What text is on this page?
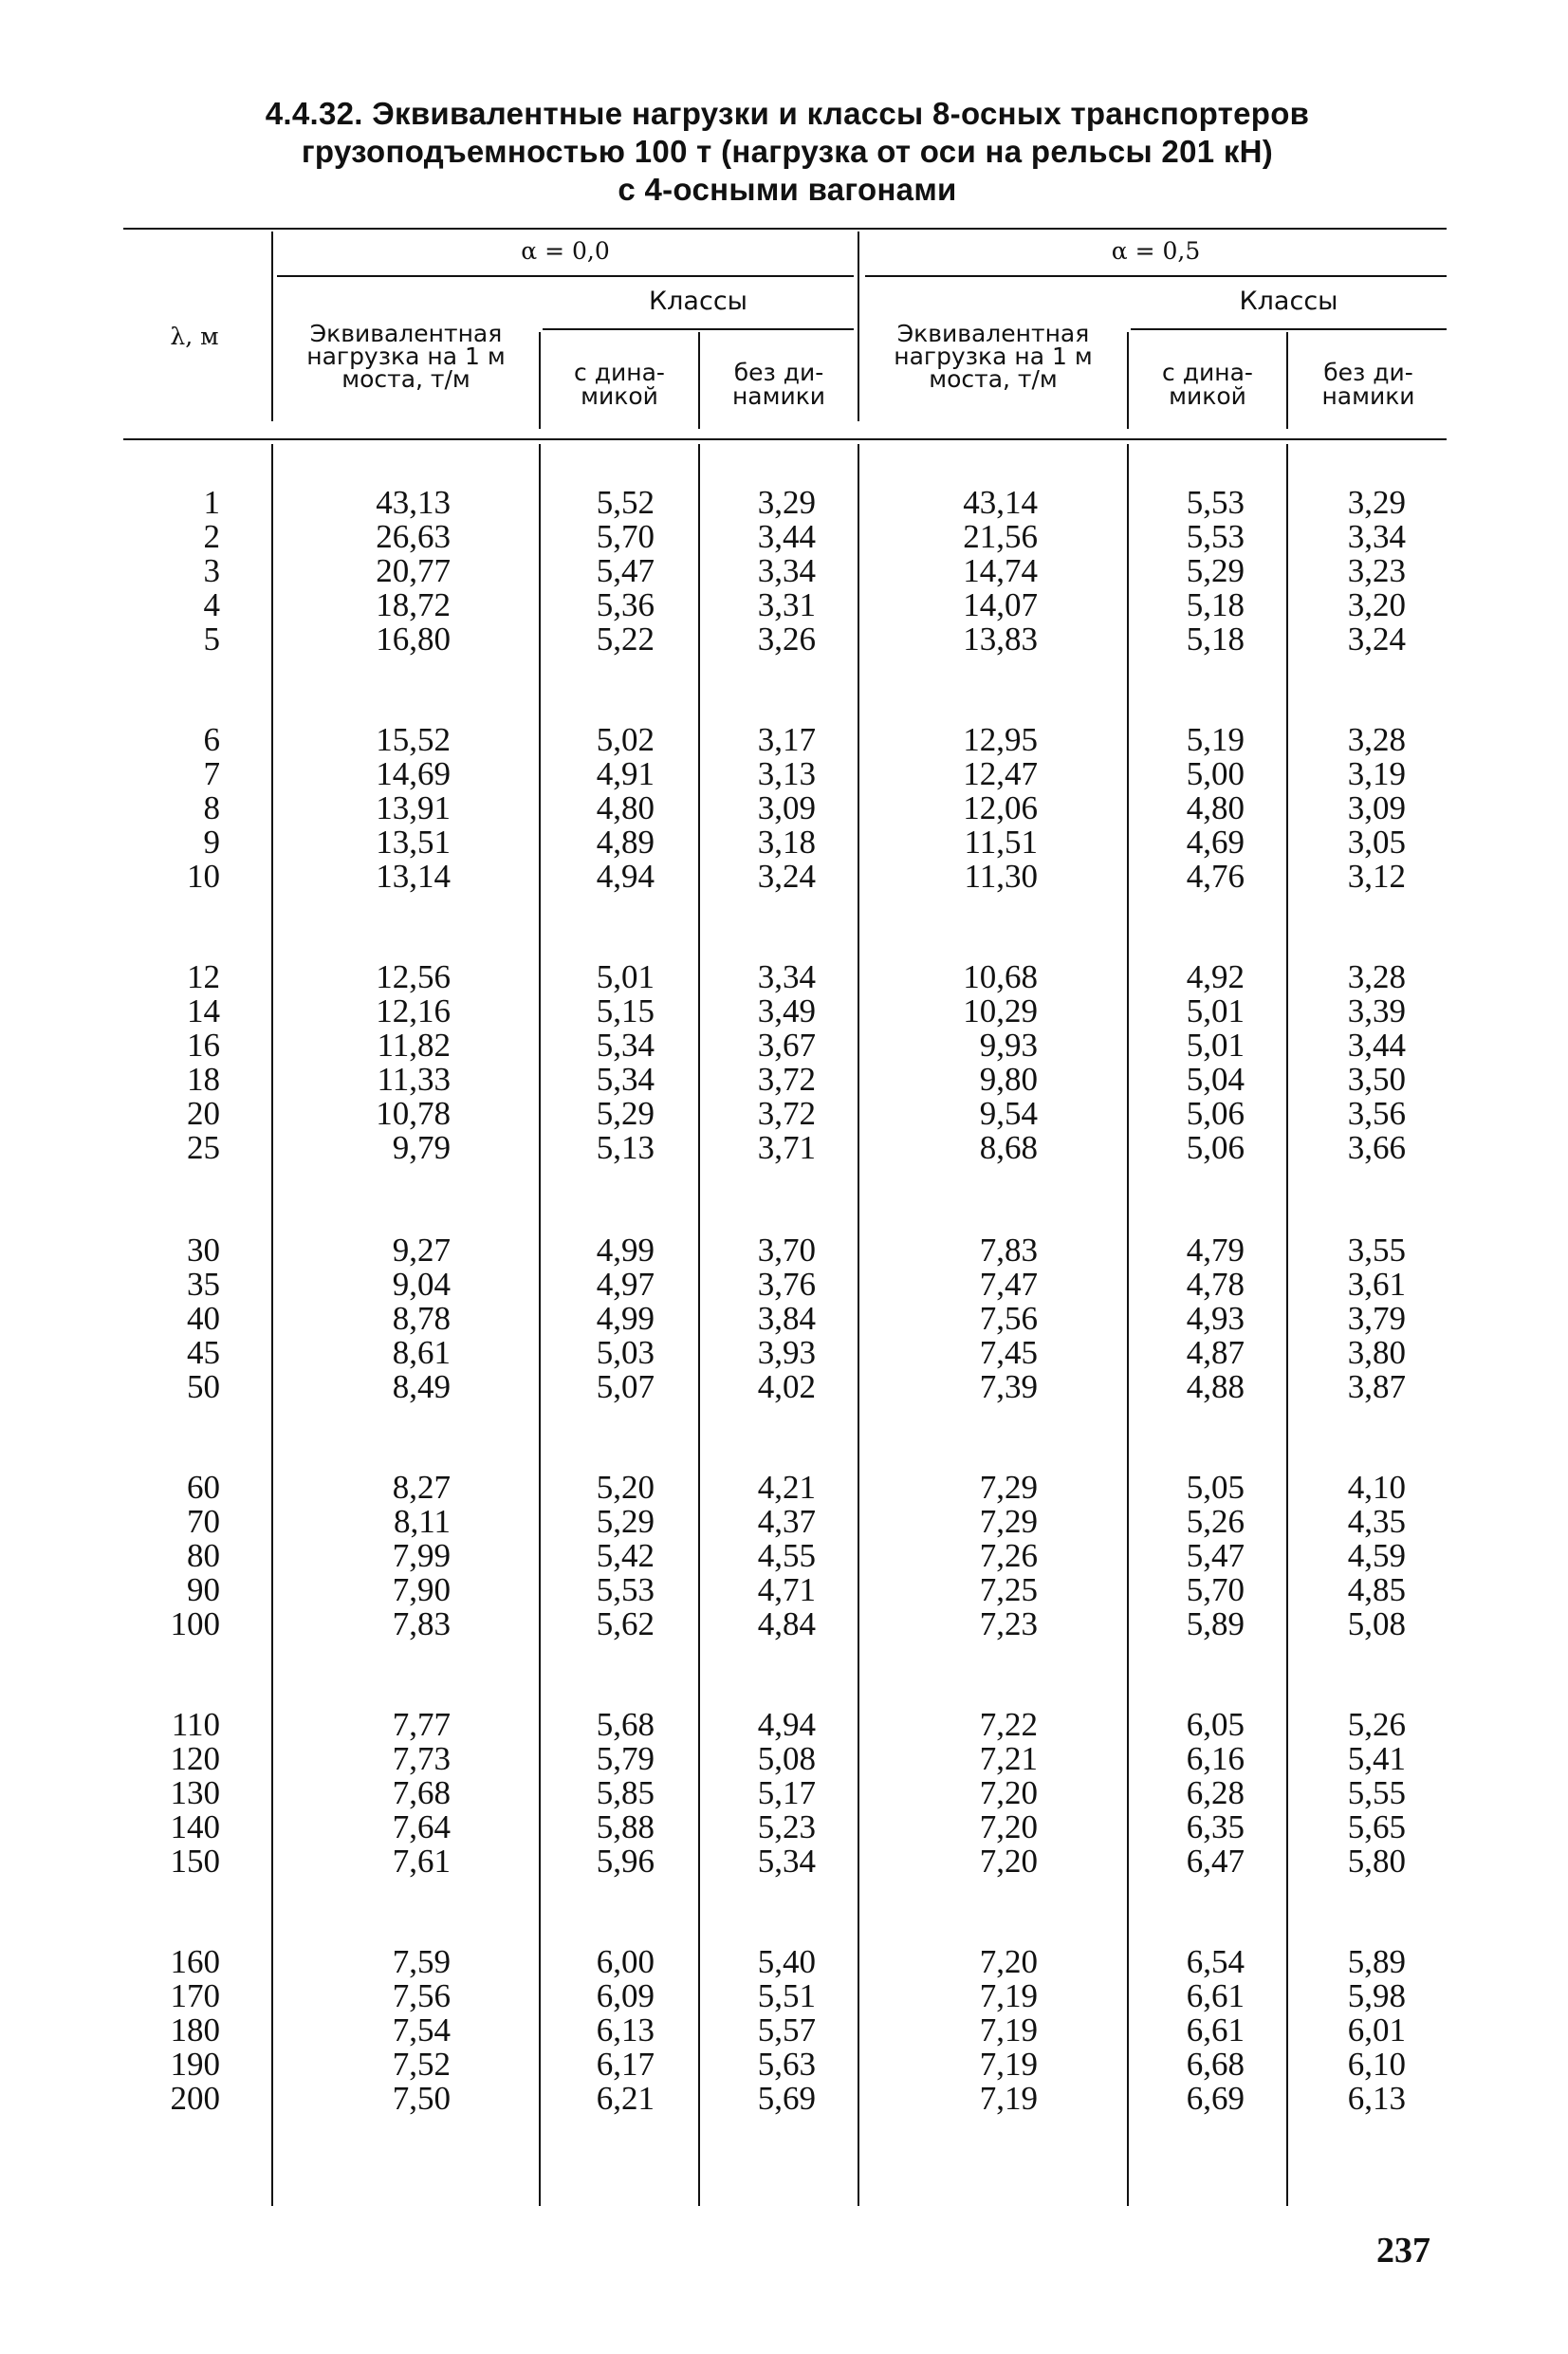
4.4.32. Эквивалентные нагрузки и классы 8-осных транспортеров
грузоподъемностью 100 т (нагрузка от оси на рельсы 201 кН)
с 4-осными вагонами
λ, м
α = 0,0	α = 0,5
Эквивалентная
нагрузка на 1 м
моста, т/м
Эквивалентная
нагрузка на 1 м
моста, т/м
Классы	Классы
с дина-
микой
без ди-
намики
с дина-
микой
без ди-
намики
1
2
3
4
5
43,13
26,63
20,77
18,72
16,80
5,52
5,70
5,47
5,36
5,22
3,29
3,44
3,34
3,31
3,26
43,14
21,56
14,74
14,07
13,83
5,53
5,53
5,29
5,18
5,18
3,29
3,34
3,23
3,20
3,24
6
7
8
9
10
15,52
14,69
13,91
13,51
13,14
5,02
4,91
4,80
4,89
4,94
3,17
3,13
3,09
3,18
3,24
12,95
12,47
12,06
11,51
11,30
5,19
5,00
4,80
4,69
4,76
3,28
3,19
3,09
3,05
3,12
12
14
16
18
20
25
12,56
12,16
11,82
11,33
10,78
9,79
5,01
5,15
5,34
5,34
5,29
5,13
3,34
3,49
3,67
3,72
3,72
3,71
10,68
10,29
9,93
9,80
9,54
8,68
4,92
5,01
5,01
5,04
5,06
5,06
3,28
3,39
3,44
3,50
3,56
3,66
30
35
40
45
50
9,27
9,04
8,78
8,61
8,49
4,99
4,97
4,99
5,03
5,07
3,70
3,76
3,84
3,93
4,02
7,83
7,47
7,56
7,45
7,39
4,79
4,78
4,93
4,87
4,88
3,55
3,61
3,79
3,80
3,87
60
70
80
90
100
8,27
8,11
7,99
7,90
7,83
5,20
5,29
5,42
5,53
5,62
4,21
4,37
4,55
4,71
4,84
7,29
7,29
7,26
7,25
7,23
5,05
5,26
5,47
5,70
5,89
4,10
4,35
4,59
4,85
5,08
110
120
130
140
150
7,77
7,73
7,68
7,64
7,61
5,68
5,79
5,85
5,88
5,96
4,94
5,08
5,17
5,23
5,34
7,22
7,21
7,20
7,20
7,20
6,05
6,16
6,28
6,35
6,47
5,26
5,41
5,55
5,65
5,80
160
170
180
190
200
7,59
7,56
7,54
7,52
7,50
6,00
6,09
6,13
6,17
6,21
5,40
5,51
5,57
5,63
5,69
7,20
7,19
7,19
7,19
7,19
6,54
6,61
6,61
6,68
6,69
5,89
5,98
6,01
6,10
6,13
237
